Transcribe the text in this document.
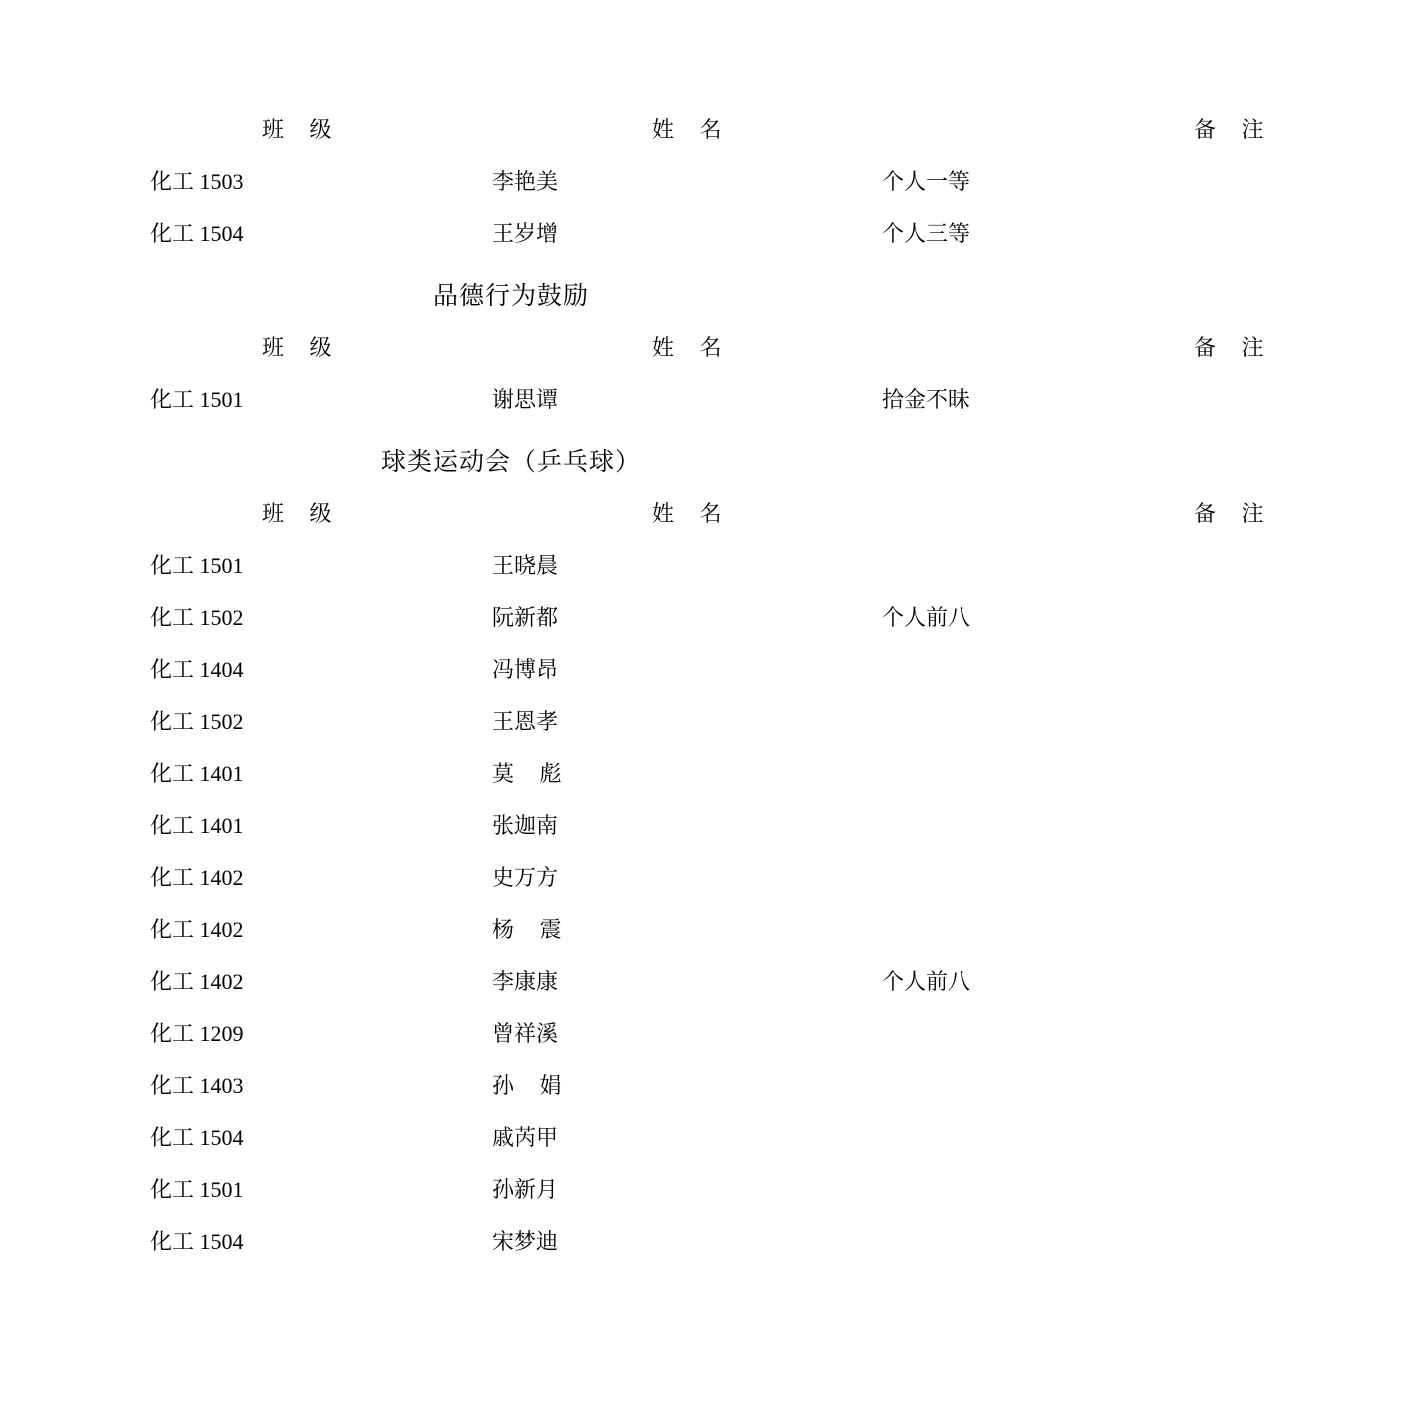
班 级	姓 名	备 注
化工 1503	李艳美	个人一等
化工 1504	王岁增	个人三等
品德行为鼓励
班 级	姓 名	备 注
化工 1501	谢思谭	拾金不昧
球类运动会（乒乓球）
班 级	姓 名	备 注
化工 1501	王晓晨	
化工 1502	阮新都	个人前八
化工 1404	冯博昂	
化工 1502	王恩孝	
化工 1401	莫 彪	
化工 1401	张迦南	
化工 1402	史万方	
化工 1402	杨 震	
化工 1402	李康康	个人前八
化工 1209	曾祥溪	
化工 1403	孙 娟	
化工 1504	戚芮甲	
化工 1501	孙新月	
化工 1504	宋梦迪	
